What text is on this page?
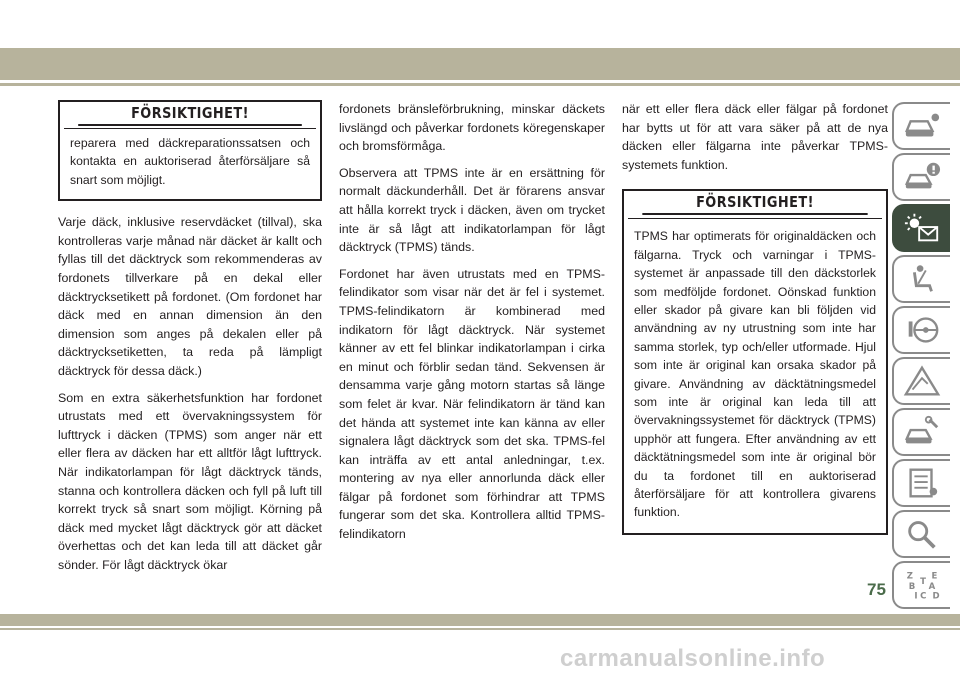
FÖRSIKTIGHET!
reparera med däckreparationssatsen och kontakta en auktoriserad återförsäljare så snart som möjligt.

Varje däck, inklusive reservdäcket (tillval), ska kontrolleras varje månad när däcket är kallt och fyllas till det däcktryck som rekommenderas av fordonets tillverkare på en dekal eller däcktrycksetikett på fordonet. (Om fordonet har däck med en annan dimension än den dimension som anges på dekalen eller på däcktrycksetiketten, ta reda på lämpligt däcktryck för dessa däck.)

Som en extra säkerhetsfunktion har fordonet utrustats med ett övervakningssystem för lufttryck i däcken (TPMS) som anger när ett eller flera av däcken har ett alltför lågt lufttryck. När indikatorlampan för lågt däcktryck tänds, stanna och kontrollera däcken och fyll på luft till korrekt tryck så snart som möjligt. Körning på däck med mycket lågt däcktryck gör att däcket överhettas och det kan leda till att däcket går sönder. För lågt däcktryck ökar

fordonets bränsleförbrukning, minskar däckets livslängd och påverkar fordonets köregenskaper och bromsförmåga.

Observera att TPMS inte är en ersättning för normalt däckunderhåll. Det är förarens ansvar att hålla korrekt tryck i däcken, även om trycket inte är så lågt att indikatorlampan för lågt däcktryck (TPMS) tänds.

Fordonet har även utrustats med en TPMS-felindikator som visar när det är fel i systemet. TPMS-felindikatorn är kombinerad med indikatorn för lågt däcktryck. När systemet känner av ett fel blinkar indikatorlampan i cirka en minut och förblir sedan tänd. Sekvensen är densamma varje gång motorn startas så länge som felet är kvar. När felindikatorn är tänd kan det hända att systemet inte kan känna av eller signalera lågt däcktryck som det ska. TPMS-fel kan inträffa av ett antal anledningar, t.ex. montering av nya eller annorlunda däck eller fälgar på fordonet som förhindrar att TPMS fungerar som det ska. Kontrollera alltid TPMS-felindikatorn

när ett eller flera däck eller fälgar på fordonet har bytts ut för att vara säker på att de nya däcken eller fälgarna inte påverkar TPMS-systemets funktion.

FÖRSIKTIGHET!
TPMS har optimerats för originaldäcken och fälgarna. Tryck och varningar i TPMS-systemet är anpassade till den däckstorlek som medföljde fordonet. Oönskad funktion eller skador på givare kan bli följden vid användning av ny utrustning som inte har samma storlek, typ och/eller utformade. Hjul som inte är original kan orsaka skador på givare. Användning av däcktätningsmedel som inte är original kan leda till att övervakningssystemet för däcktryck (TPMS) upphör att fungera. Efter användning av ett däcktätningsmedel som inte är original bör du ta fordonet till en auktoriserad återförsäljare för att kontrollera givarens funktion.
Z E
B A
I C
T
D
75
carmanualsonline.info
